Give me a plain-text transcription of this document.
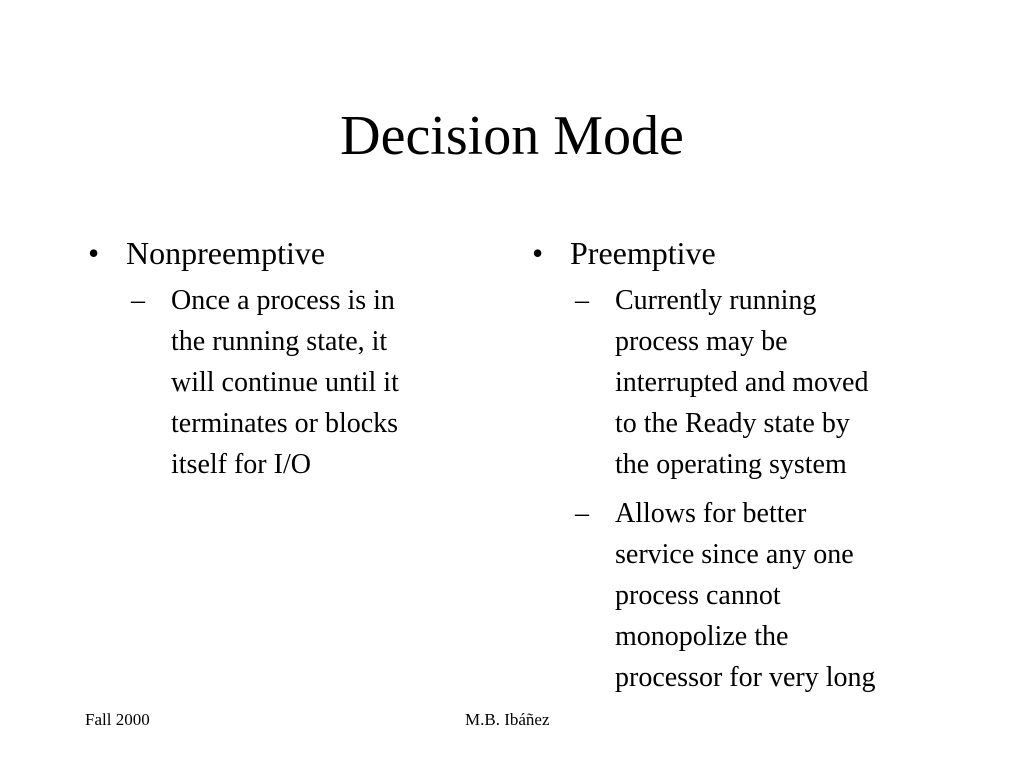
Decision Mode
• Nonpreemptive
– Once a process is in
the running state, it
will continue until it
terminates or blocks
itself for I/O
• Preemptive
– Currently running
process may be
interrupted and moved
to the Ready state by
the operating system
– Allows for better
service since any one
process cannot
monopolize the
processor for very long
Fall 2000	M.B. Ibáñez
